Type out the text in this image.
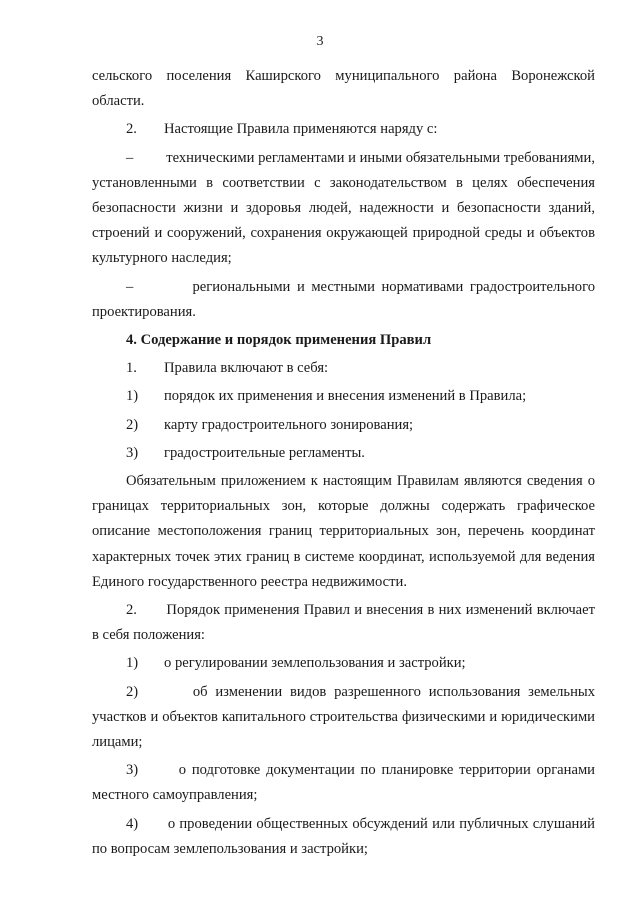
3

сельского поселения Каширского муниципального района Воронежской области.

2. Настоящие Правила применяются наряду с:

–         техническими регламентами и иными обязательными требованиями, установленными в соответствии с законодательством в целях обеспечения безопасности жизни и здоровья людей, надежности и безопасности зданий, строений и сооружений, сохранения окружающей природной среды и объектов культурного наследия;

–         региональными и местными нормативами градостроительного проектирования.

4. Содержание и порядок применения Правил

1. Правила включают в себя:

1) порядок их применения и внесения изменений в Правила;

2) карту градостроительного зонирования;

3) градостроительные регламенты.

Обязательным приложением к настоящим Правилам являются сведения о границах территориальных зон, которые должны содержать графическое описание местоположения границ территориальных зон, перечень координат характерных точек этих границ в системе координат, используемой для ведения Единого государственного реестра недвижимости.

2.       Порядок применения Правил и внесения в них изменений включает в себя положения:

1) о регулировании землепользования и застройки;

2)       об изменении видов разрешенного использования земельных участков и объектов капитального строительства физическими и юридическими лицами;

3)       о подготовке документации по планировке территории органами местного самоуправления;

4)       о проведении общественных обсуждений или публичных слушаний по вопросам землепользования и застройки;
